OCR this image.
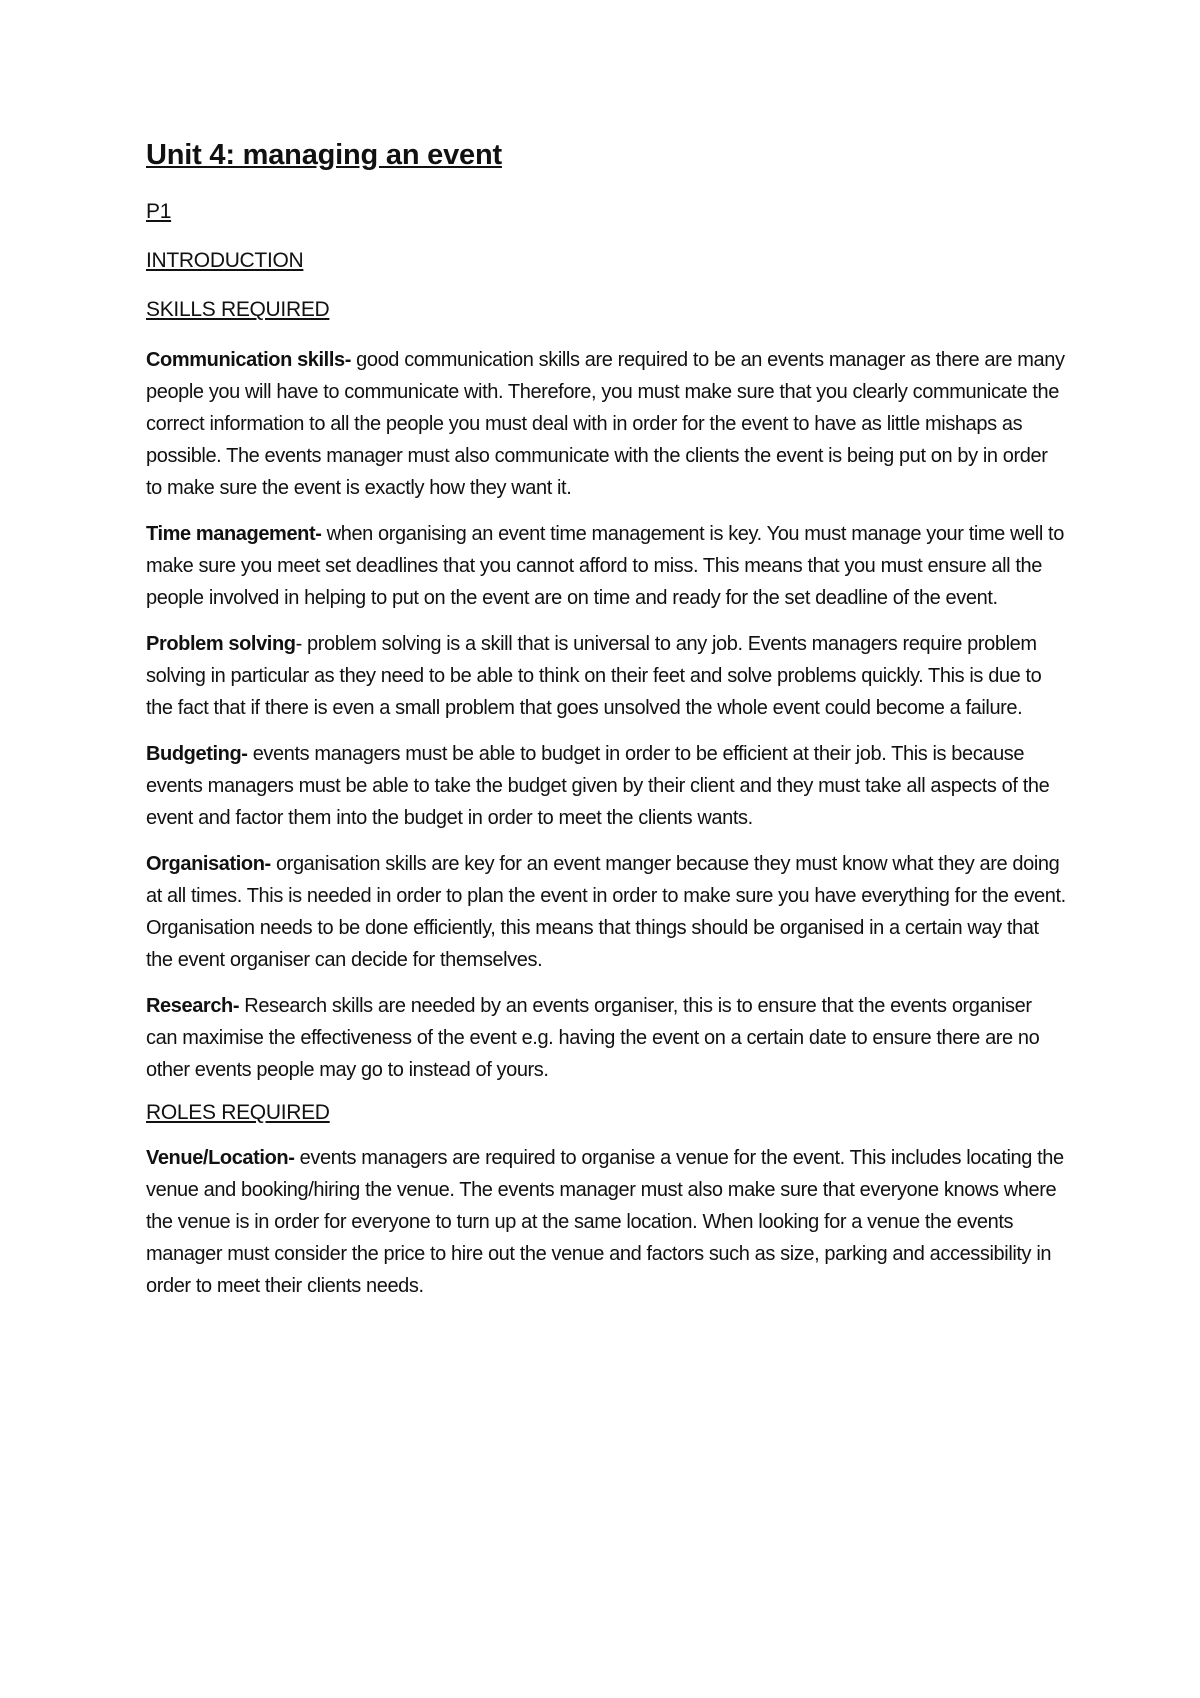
Unit 4: managing an event
P1
INTRODUCTION
SKILLS REQUIRED

Communication skills- good communication skills are required to be an events manager as there are many people you will have to communicate with. Therefore, you must make sure that you clearly communicate the correct information to all the people you must deal with in order for the event to have as little mishaps as possible. The events manager must also communicate with the clients the event is being put on by in order to make sure the event is exactly how they want it.

Time management- when organising an event time management is key. You must manage your time well to make sure you meet set deadlines that you cannot afford to miss. This means that you must ensure all the people involved in helping to put on the event are on time and ready for the set deadline of the event.

Problem solving- problem solving is a skill that is universal to any job. Events managers require problem solving in particular as they need to be able to think on their feet and solve problems quickly. This is due to the fact that if there is even a small problem that goes unsolved the whole event could become a failure.

Budgeting- events managers must be able to budget in order to be efficient at their job. This is because events managers must be able to take the budget given by their client and they must take all aspects of the event and factor them into the budget in order to meet the clients wants.

Organisation- organisation skills are key for an event manger because they must know what they are doing at all times. This is needed in order to plan the event in order to make sure you have everything for the event. Organisation needs to be done efficiently, this means that things should be organised in a certain way that the event organiser can decide for themselves.

Research- Research skills are needed by an events organiser, this is to ensure that the events organiser can maximise the effectiveness of the event e.g. having the event on a certain date to ensure there are no other events people may go to instead of yours.

ROLES REQUIRED

Venue/Location- events managers are required to organise a venue for the event. This includes locating the venue and booking/hiring the venue. The events manager must also make sure that everyone knows where the venue is in order for everyone to turn up at the same location. When looking for a venue the events manager must consider the price to hire out the venue and factors such as size, parking and accessibility in order to meet their clients needs.
